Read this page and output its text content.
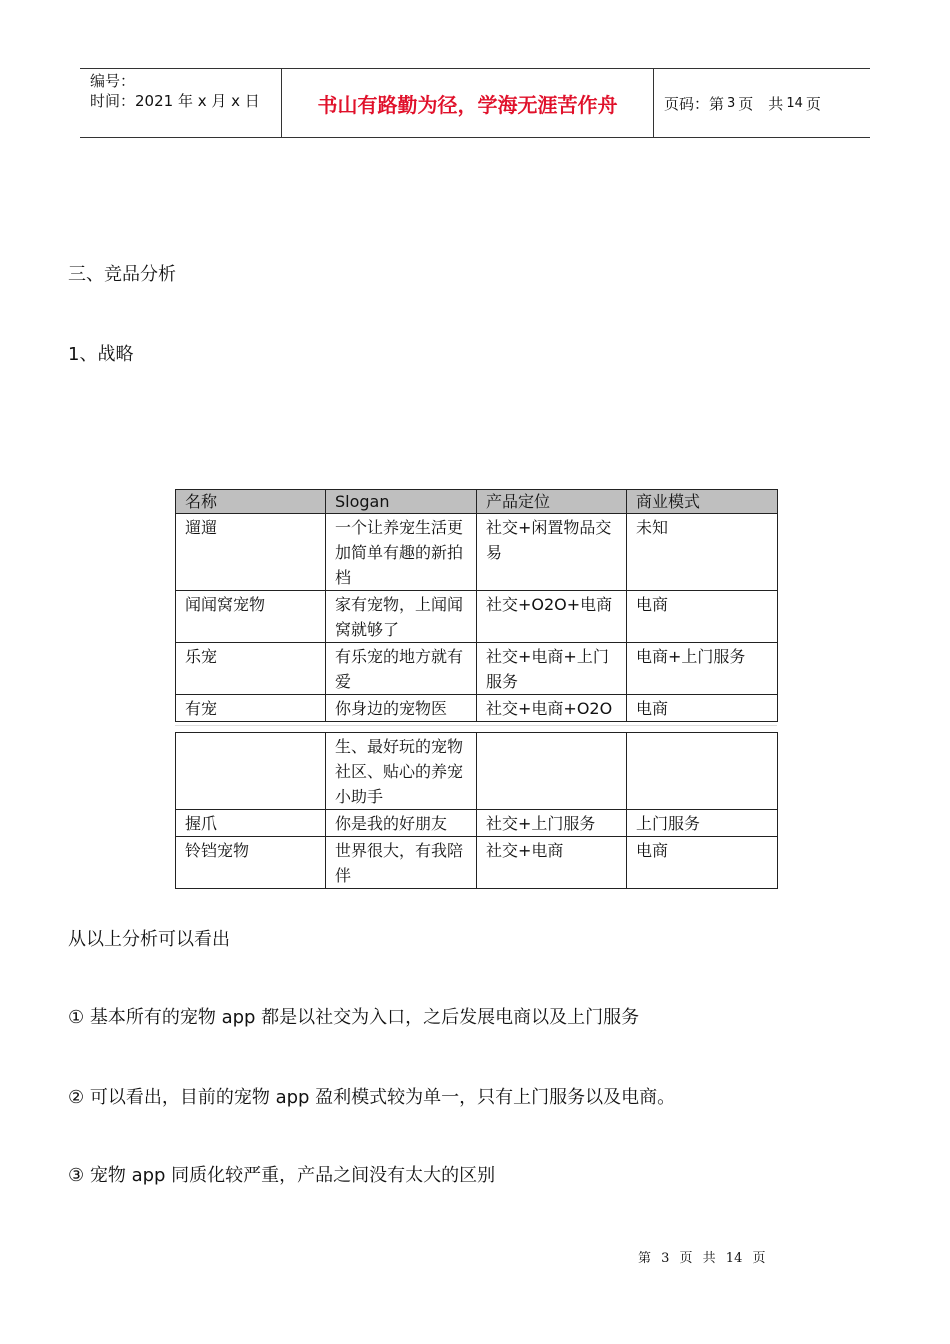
编号：
时间：2021 年 x 月 x 日	书山有路勤为径，学海无涯苦作舟	页码：第 3 页　共 14 页
三、竞品分析
1、战略
名称	Slogan	产品定位	商业模式
遛遛	一个让养宠生活更加简单有趣的新拍档	社交+闲置物品交易	未知
闻闻窝宠物	家有宠物，上闻闻窝就够了	社交+O2O+电商	电商
乐宠	有乐宠的地方就有爱	社交+电商+上门服务	电商+上门服务
有宠	你身边的宠物医	社交+电商+O2O	电商
	生、最好玩的宠物社区、贴心的养宠小助手		
握爪	你是我的好朋友	社交+上门服务	上门服务
铃铛宠物	世界很大，有我陪伴	社交+电商	电商
从以上分析可以看出
① 基本所有的宠物 app 都是以社交为入口，之后发展电商以及上门服务
② 可以看出，目前的宠物 app 盈利模式较为单一，只有上门服务以及电商。
③ 宠物 app 同质化较严重，产品之间没有太大的区别
第 3 页 共 14 页
